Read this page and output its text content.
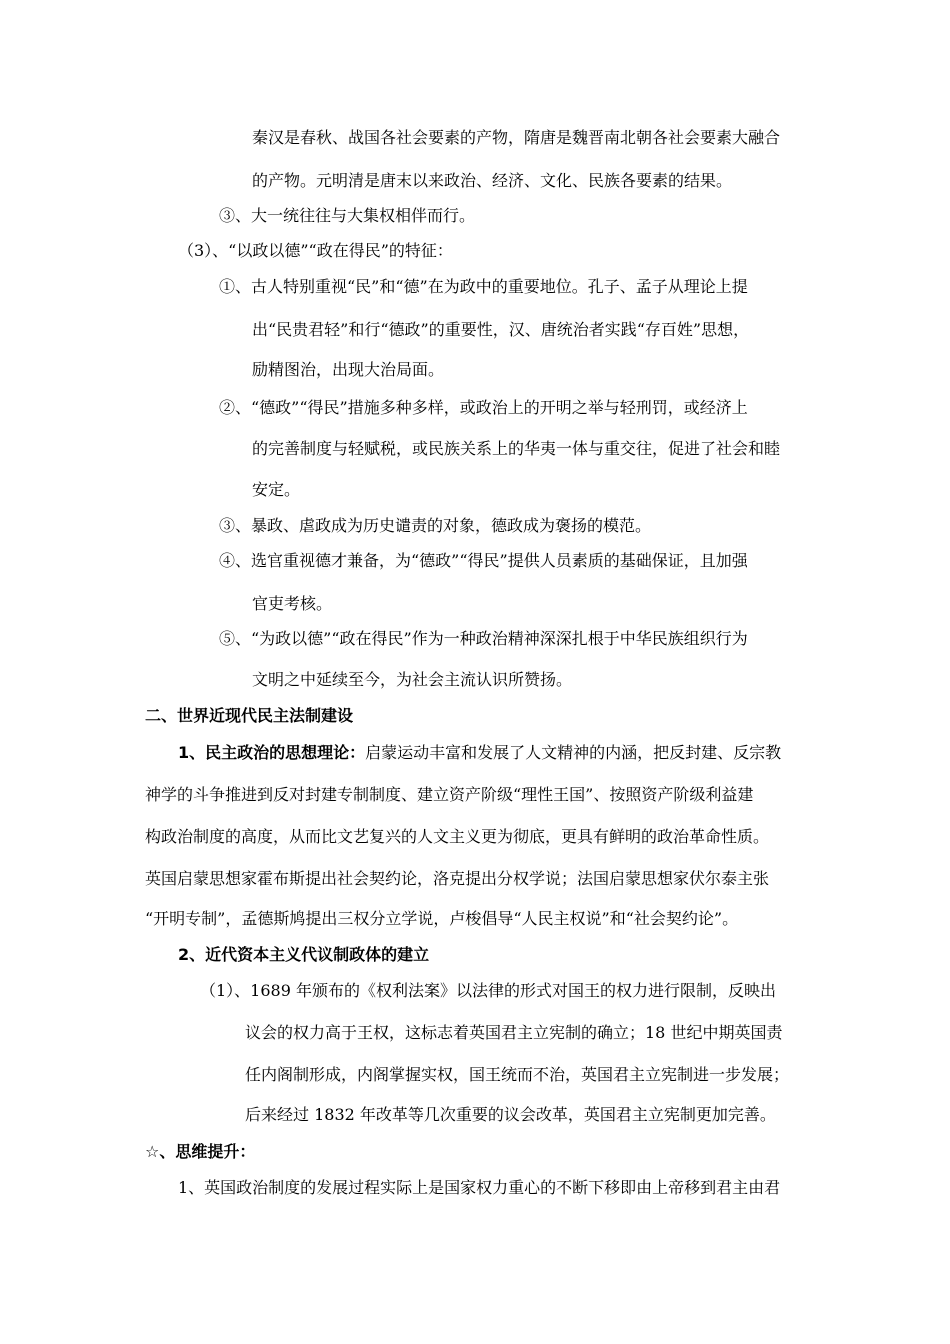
秦汉是春秋、战国各社会要素的产物，隋唐是魏晋南北朝各社会要素大融合
的产物。元明清是唐末以来政治、经济、文化、民族各要素的结果。
③、大一统往往与大集权相伴而行。
（3）、“以政以德”“政在得民”的特征：
①、古人特别重视“民”和“德”在为政中的重要地位。孔子、孟子从理论上提
出“民贵君轻”和行“德政”的重要性，汉、唐统治者实践“存百姓”思想，
励精图治，出现大治局面。
②、“德政”“得民”措施多种多样，或政治上的开明之举与轻刑罚，或经济上
的完善制度与轻赋税，或民族关系上的华夷一体与重交往，促进了社会和睦
安定。
③、暴政、虐政成为历史谴责的对象，德政成为褒扬的模范。
④、选官重视德才兼备，为“德政”“得民”提供人员素质的基础保证，且加强
官吏考核。
⑤、“为政以德”“政在得民”作为一种政治精神深深扎根于中华民族组织行为
文明之中延续至今，为社会主流认识所赞扬。
二、世界近现代民主法制建设
1、民主政治的思想理论：启蒙运动丰富和发展了人文精神的内涵，把反封建、反宗教
神学的斗争推进到反对封建专制制度、建立资产阶级“理性王国”、按照资产阶级利益建
构政治制度的高度，从而比文艺复兴的人文主义更为彻底，更具有鲜明的政治革命性质。
英国启蒙思想家霍布斯提出社会契约论，洛克提出分权学说；法国启蒙思想家伏尔泰主张
“开明专制”，孟德斯鸠提出三权分立学说，卢梭倡导“人民主权说”和“社会契约论”。
2、近代资本主义代议制政体的建立
（1）、1689 年颁布的《权利法案》以法律的形式对国王的权力进行限制，反映出
议会的权力高于王权，这标志着英国君主立宪制的确立；18 世纪中期英国责
任内阁制形成，内阁掌握实权，国王统而不治，英国君主立宪制进一步发展；
后来经过 1832 年改革等几次重要的议会改革，英国君主立宪制更加完善。
☆、思维提升：
1、英国政治制度的发展过程实际上是国家权力重心的不断下移即由上帝移到君主由君
